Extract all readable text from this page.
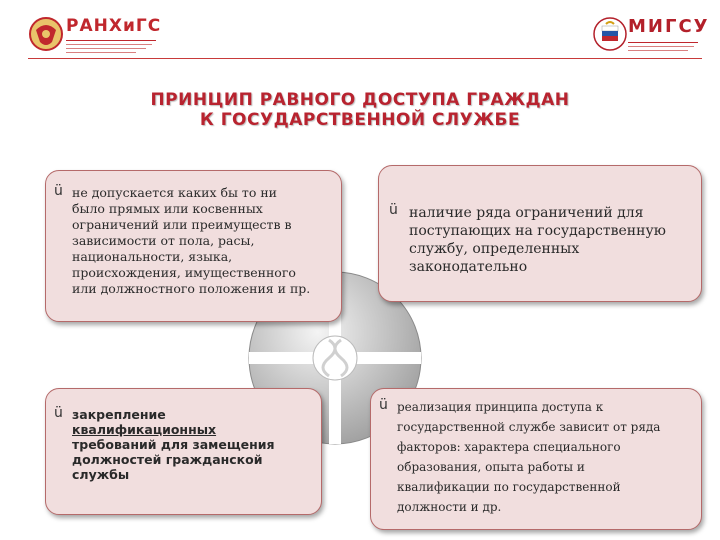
РАНХиГС	МИГСУ
ПРИНЦИП РАВНОГО ДОСТУПА ГРАЖДАН
К ГОСУДАРСТВЕННОЙ СЛУЖБЕ
ü не допускается каких бы то ни
было прямых или косвенных
ограничений или преимуществ в
зависимости от пола, расы,
национальности, языка,
происхождения, имущественного
или должностного положения и пр.
ü наличие ряда ограничений для
поступающих на государственную
службу, определенных
законодательно
ü закрепление
квалификационных
требований для замещения
должностей гражданской
службы
ü реализация принципа доступа к
государственной службе зависит от ряда
факторов: характера специального
образования, опыта работы и
квалификации по государственной
должности и др.
